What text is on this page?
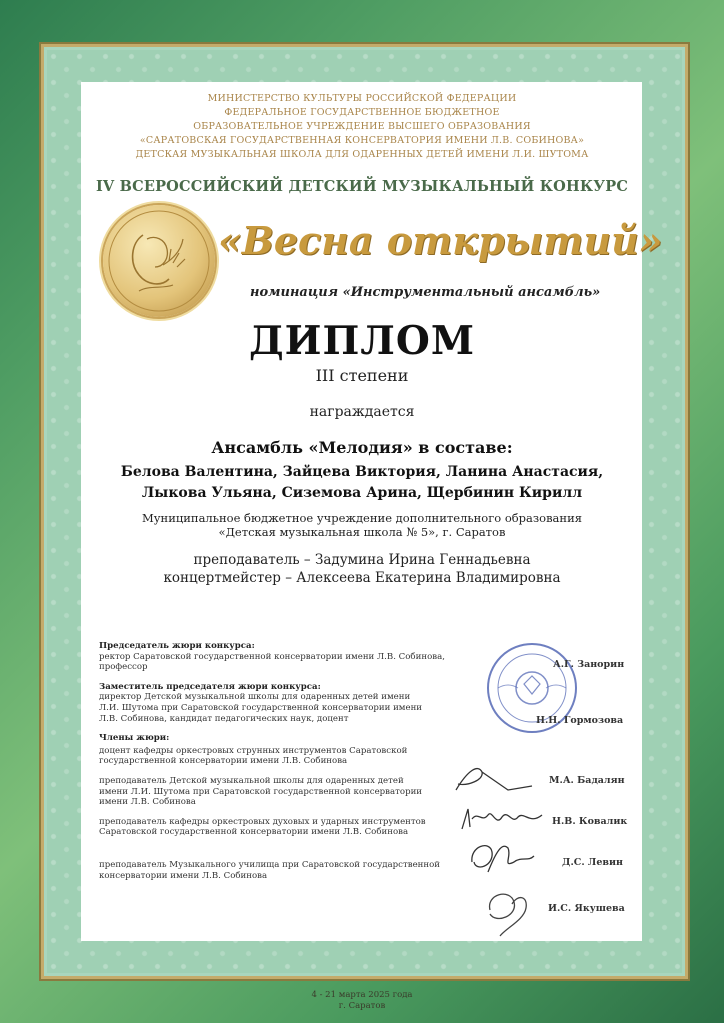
МИНИСТЕРСТВО КУЛЬТУРЫ РОССИЙСКОЙ ФЕДЕРАЦИИ
ФЕДЕРАЛЬНОЕ ГОСУДАРСТВЕННОЕ БЮДЖЕТНОЕ
ОБРАЗОВАТЕЛЬНОЕ УЧРЕЖДЕНИЕ ВЫСШЕГО ОБРАЗОВАНИЯ
«САРАТОВСКАЯ ГОСУДАРСТВЕННАЯ КОНСЕРВАТОРИЯ ИМЕНИ Л.В. СОБИНОВА»
ДЕТСКАЯ МУЗЫКАЛЬНАЯ ШКОЛА ДЛЯ ОДАРЕННЫХ ДЕТЕЙ ИМЕНИ Л.И. ШУТОМА
IV ВСЕРОССИЙСКИЙ ДЕТСКИЙ МУЗЫКАЛЬНЫЙ КОНКУРС
«Весна открытий»
номинация «Инструментальный ансамбль»
ДИПЛОМ
III степени
награждается
Ансамбль «Мелодия» в составе:
Белова Валентина, Зайцева Виктория, Ланина Анастасия,
Лыкова Ульяна, Сиземова Арина, Щербинин Кирилл
Муниципальное бюджетное учреждение дополнительного образования
«Детская музыкальная школа № 5», г. Саратов
преподаватель – Задумина Ирина Геннадьевна
концертмейстер – Алексеева Екатерина Владимировна
Председатель жюри конкурса:
ректор Саратовской государственной консерватории имени Л.В. Собинова,
профессор
Заместитель председателя жюри конкурса:
директор Детской музыкальной школы для одаренных детей имени
Л.И. Шутома при Саратовской государственной консерватории имени
Л.В. Собинова, кандидат педагогических наук, доцент
Члены жюри:
доцент кафедры оркестровых струнных инструментов Саратовской
государственной консерватории имени Л.В. Собинова
преподаватель Детской музыкальной школы для одаренных детей
имени Л.И. Шутома при Саратовской государственной консерватории
имени Л.В. Собинова
преподаватель кафедры оркестровых духовых и ударных инструментов
Саратовской государственной консерватории имени Л.В. Собинова
преподаватель Музыкального училища при Саратовской государственной
консерватории имени Л.В. Собинова
А.Г. Занорин
Н.Н. Гормозова
М.А. Бадалян
Н.В. Ковалик
Д.С. Левин
И.С. Якушева
4 - 21 марта 2025 года
г. Саратов
